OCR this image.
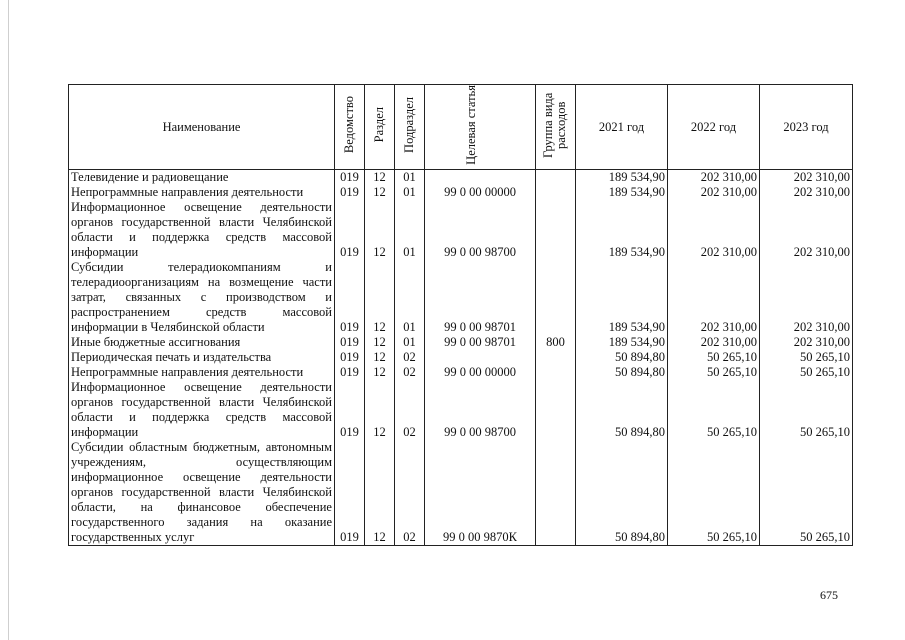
Наименование	Ведомство	Раздел	Подраздел	Целевая статья	Группа вида расходов	2021 год	2022 год	2023 год
Телевидение и радиовещание	019	12	01			189 534,90	202 310,00	202 310,00
Непрограммные направления деятельности	019	12	01	99 0 00 00000		189 534,90	202 310,00	202 310,00
Информационное освещение деятельности органов государственной власти Челябинской области и поддержка средств массовой информации	019	12	01	99 0 00 98700		189 534,90	202 310,00	202 310,00
Субсидии телерадиокомпаниям и телерадиоорганизациям на возмещение части затрат, связанных с производством и распространением средств массовой информации в Челябинской области	019	12	01	99 0 00 98701		189 534,90	202 310,00	202 310,00
Иные бюджетные ассигнования	019	12	01	99 0 00 98701	800	189 534,90	202 310,00	202 310,00
Периодическая печать и издательства	019	12	02			50 894,80	50 265,10	50 265,10
Непрограммные направления деятельности	019	12	02	99 0 00 00000		50 894,80	50 265,10	50 265,10
Информационное освещение деятельности органов государственной власти Челябинской области и поддержка средств массовой информации	019	12	02	99 0 00 98700		50 894,80	50 265,10	50 265,10
Субсидии областным бюджетным, автономным учреждениям, осуществляющим информационное освещение деятельности органов государственной власти Челябинской области, на финансовое обеспечение государственного задания на оказание государственных услуг	019	12	02	99 0 00 9870К		50 894,80	50 265,10	50 265,10
675
